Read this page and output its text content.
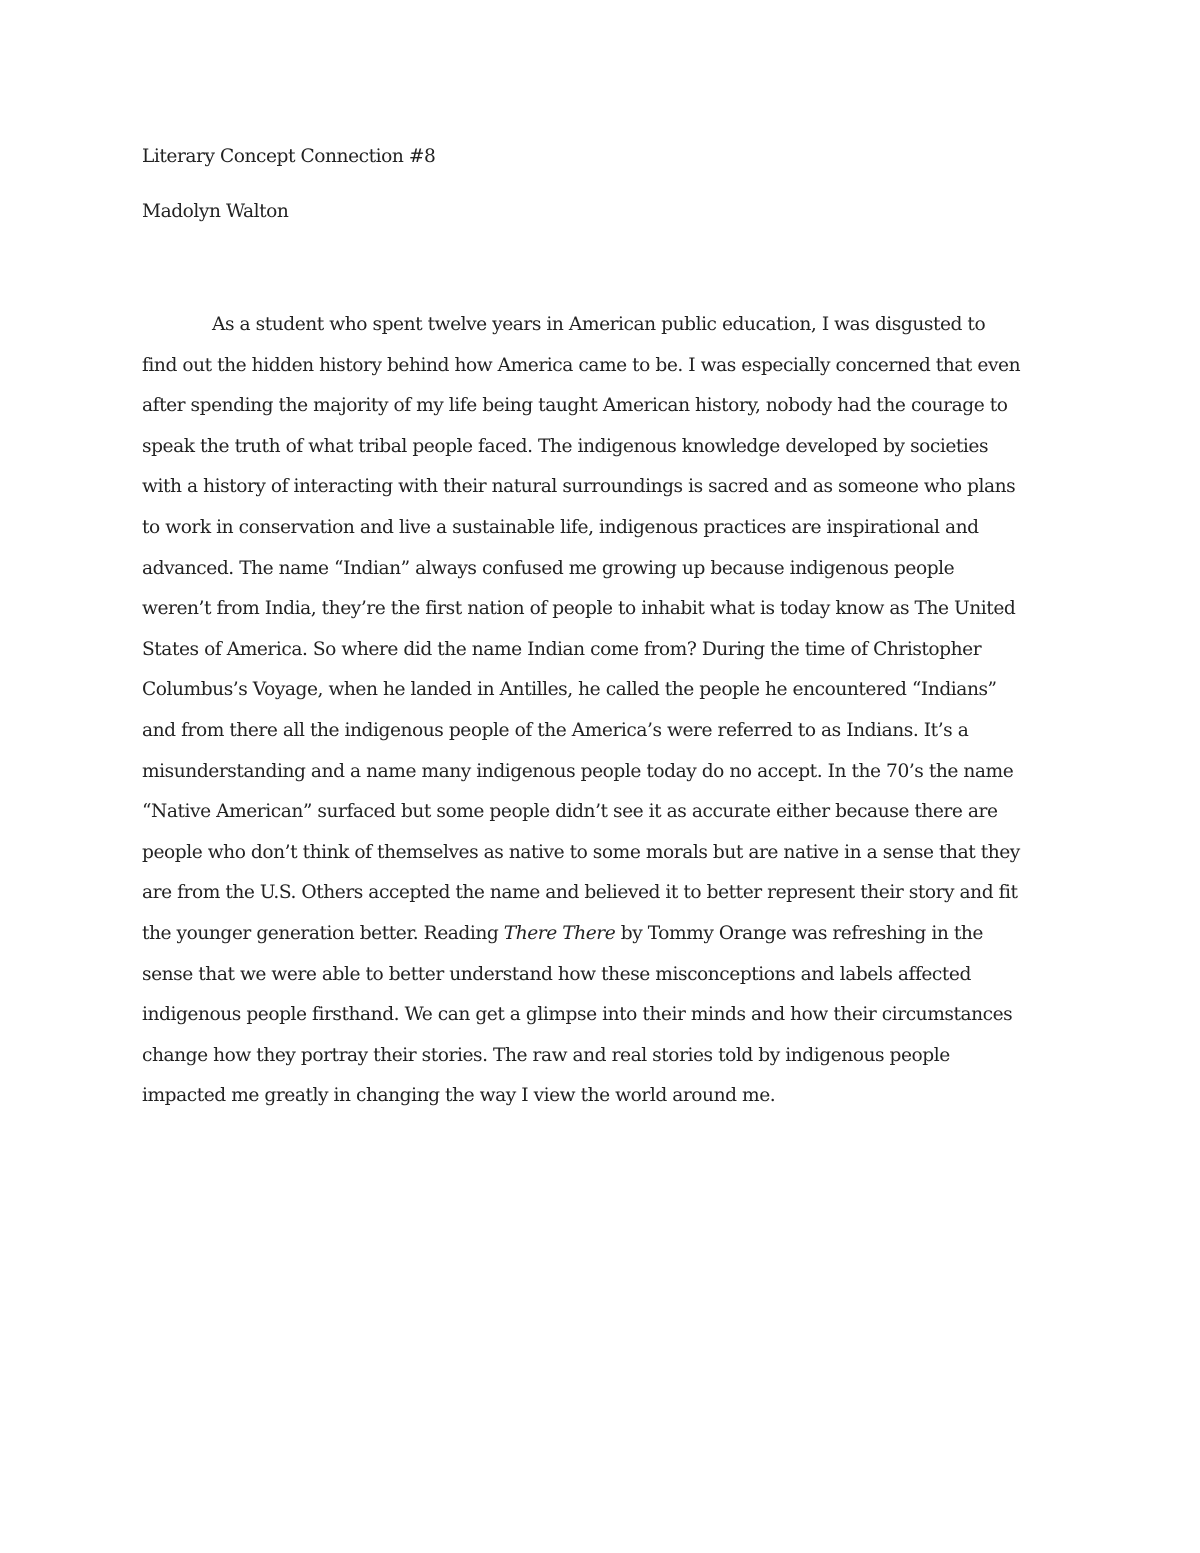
Literary Concept Connection #8
Madolyn Walton
As a student who spent twelve years in American public education, I was disgusted to
find out the hidden history behind how America came to be. I was especially concerned that even
after spending the majority of my life being taught American history, nobody had the courage to
speak the truth of what tribal people faced. The indigenous knowledge developed by societies
with a history of interacting with their natural surroundings is sacred and as someone who plans
to work in conservation and live a sustainable life, indigenous practices are inspirational and
advanced. The name “Indian” always confused me growing up because indigenous people
weren’t from India, they’re the first nation of people to inhabit what is today know as The United
States of America. So where did the name Indian come from? During the time of Christopher
Columbus’s Voyage, when he landed in Antilles, he called the people he encountered “Indians”
and from there all the indigenous people of the America’s were referred to as Indians. It’s a
misunderstanding and a name many indigenous people today do no accept. In the 70’s the name
“Native American” surfaced but some people didn’t see it as accurate either because there are
people who don’t think of themselves as native to some morals but are native in a sense that they
are from the U.S. Others accepted the name and believed it to better represent their story and fit
the younger generation better. Reading There There by Tommy Orange was refreshing in the
sense that we were able to better understand how these misconceptions and labels affected
indigenous people firsthand. We can get a glimpse into their minds and how their circumstances
change how they portray their stories. The raw and real stories told by indigenous people
impacted me greatly in changing the way I view the world around me.
